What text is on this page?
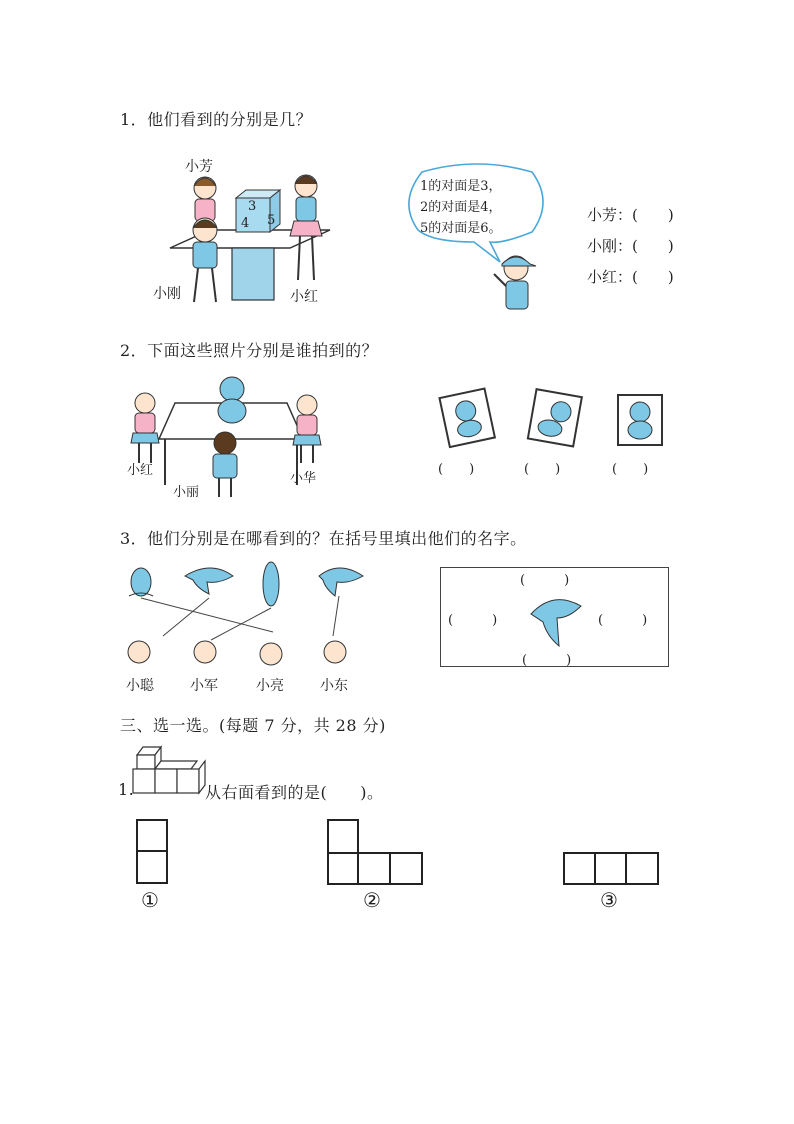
1．他们看到的分别是几？
3
4 5
小芳
小刚	小红
1的对面是3，
2的对面是4，
5的对面是6。
小芳：(　　)
小刚：(　　)
小红：(　　)
2．下面这些照片分别是谁拍到的？
小红
小丽
小华
(　　)	(　　)	(　　)
3．他们分别是在哪看到的？在括号里填出他们的名字。
小聪	小军	小亮	小东
(　　　)
(　　　)	(　　　)
(　　　)
三、选一选。(每题 7 分，共 28 分)
1.	从右面看到的是(　　)。
①	②	③
